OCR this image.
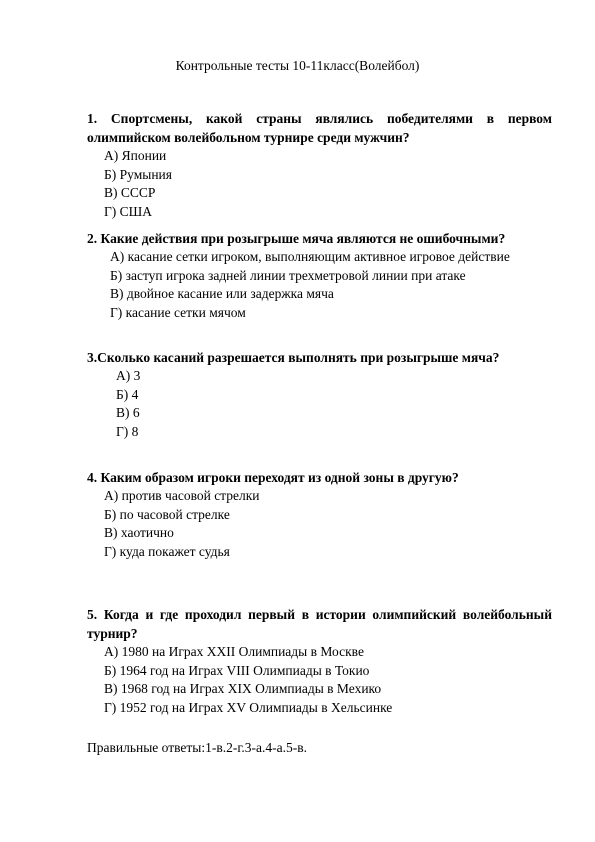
Контрольные тесты 10-11класс(Волейбол)
1. Спортсмены, какой страны являлись победителями в первом олимпийском волейбольном турнире среди мужчин?
А) Японии
Б) Румыния
В) СССР
Г) США
2. Какие действия при розыгрыше мяча являются не ошибочными?
А) касание сетки игроком, выполняющим активное игровое действие
Б) заступ игрока задней линии трехметровой линии при атаке
В) двойное касание или задержка мяча
Г) касание сетки мячом
3.Сколько касаний разрешается выполнять при розыгрыше мяча?
А) 3
Б) 4
В) 6
Г) 8
4. Каким образом игроки переходят из одной зоны в другую?
А) против часовой стрелки
Б) по часовой стрелке
В) хаотично
Г) куда покажет судья
5. Когда и где проходил первый в истории олимпийский волейбольный турнир?
А) 1980 на Играх XXII Олимпиады в Москве
Б) 1964 год на Играх VIII Олимпиады в Токио
В) 1968 год на Играх XIX Олимпиады в Мехико
Г) 1952 год на Играх XV Олимпиады в Хельсинке
Правильные ответы:1-в.2-г.3-а.4-а.5-в.
